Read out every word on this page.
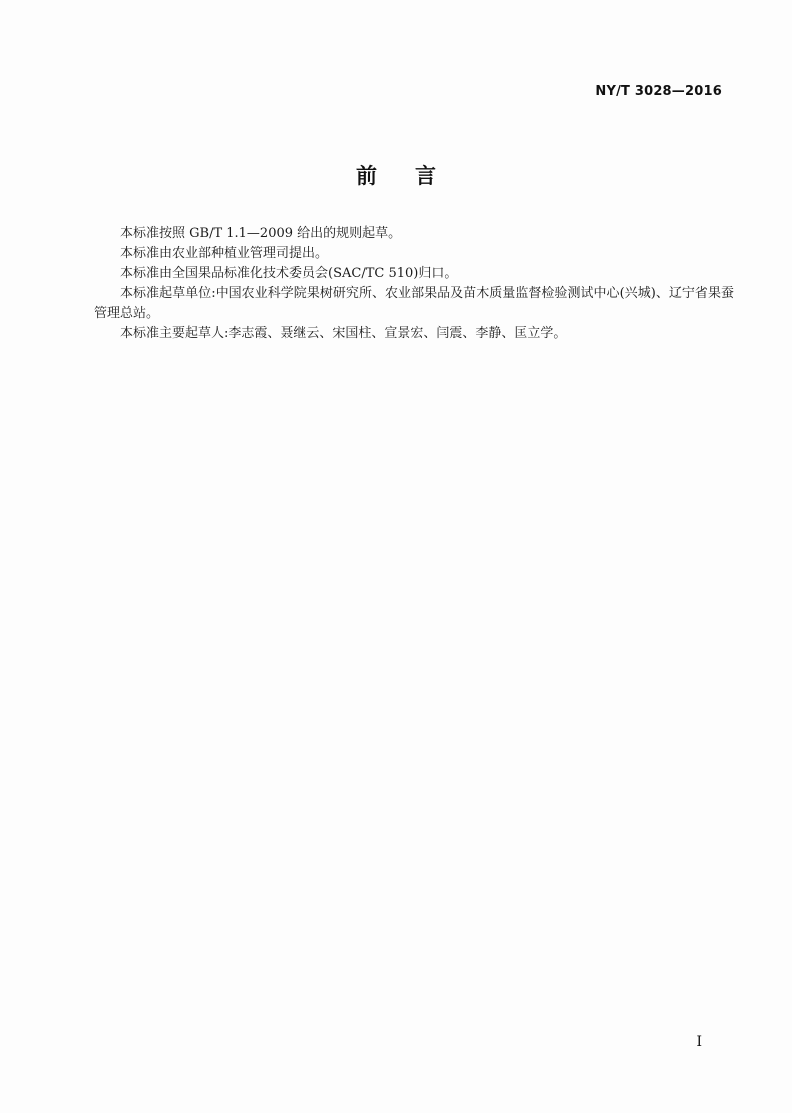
NY/T 3028—2016
前言

本标准按照 GB/T 1.1—2009 给出的规则起草。

本标准由农业部种植业管理司提出。

本标准由全国果品标准化技术委员会(SAC/TC 510)归口。

本标准起草单位:中国农业科学院果树研究所、农业部果品及苗木质量监督检验测试中心(兴城)、辽宁省果蚕管理总站。

本标准主要起草人:李志霞、聂继云、宋国柱、宣景宏、闫震、李静、匡立学。

I
